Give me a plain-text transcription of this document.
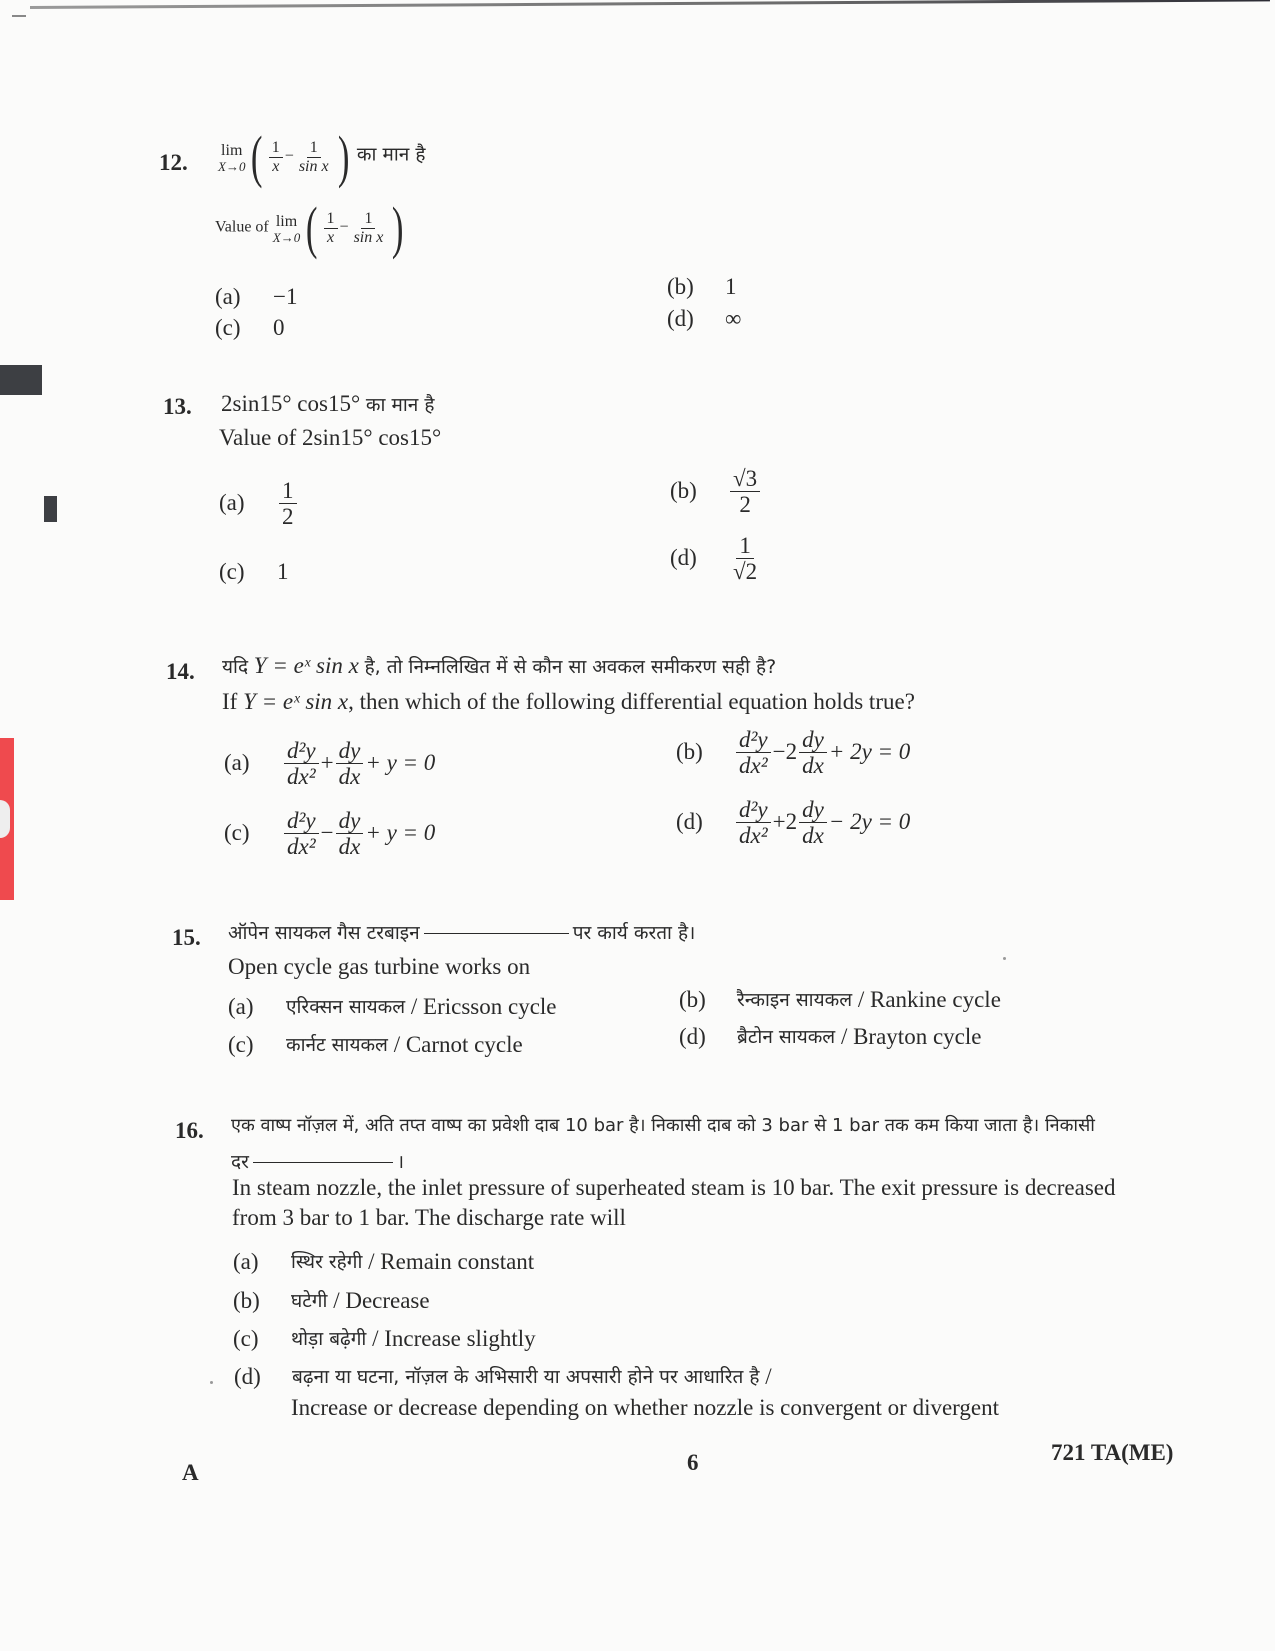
12. lim
X→0 ( $\frac{1}{x} - \frac{1}{\text{sin x}}$ ) का मान है
Value of lim
X→0 ( $\frac{1}{x} - \frac{1}{\text{sin x}}$ )
(a)	−1	(b)	1
(c)	0	(d)	∞
13. 2sin15° cos15° का मान है
Value of 2sin15° cos15°
(a)	$\frac{1}{2}$	(b)	$\frac{√3}{2}$
(c)	1
(d)	$\frac{1}{√2}$
14. यदि Y = eˣ sin x है, तो निम्नलिखित में से कौन सा अवकल समीकरण सही है?
If Y = eˣ sin x, then which of the following differential equation holds true?
(a)	$\frac{\text{d²y}}{\text{dx²}} + \frac{dy}{dx} + y = 0$	(b)	$\frac{\text{d²y}}{\text{dx²}} - 2 \frac{dy}{dx} + 2y = 0$
(c)	$\frac{\text{d²y}}{\text{dx²}} - \frac{dy}{dx} + y = 0$	(d)	$\frac{\text{d²y}}{\text{dx²}} + 2 \frac{dy}{dx} - 2y = 0$
15. ऑपेन सायकल गैस टरबाइन	पर कार्य करता है।
Open cycle gas turbine works on
(a)	एरिक्सन सायकल
/ Ericsson cycle	(b)	रैन्काइन सायकल
/ Rankine cycle
(c)	कार्नट सायकल
/ Carnot cycle	(d)	ब्रैटोन सायकल
/ Brayton cycle
16. एक वाष्प नॉज़ल में, अति तप्त वाष्प का प्रवेशी दाब 10 bar है। निकासी दाब को 3 bar से 1 bar तक कम किया जाता है। निकासी
दर	।
In steam nozzle, the inlet pressure of superheated steam is 10 bar. The exit pressure is decreased
from 3 bar to 1 bar. The discharge rate will
(a)	स्थिर रहेगी
/ Remain constant
(b)	घटेगी
/ Decrease
(c)	थोड़ा बढ़ेगी
/ Increase slightly
(d)	बढ़ना या घटना, नॉज़ल के अभिसारी या अपसारी होने पर आधारित है
/
Increase or decrease depending on whether nozzle is convergent or divergent
A	6	721 TA(ME)
